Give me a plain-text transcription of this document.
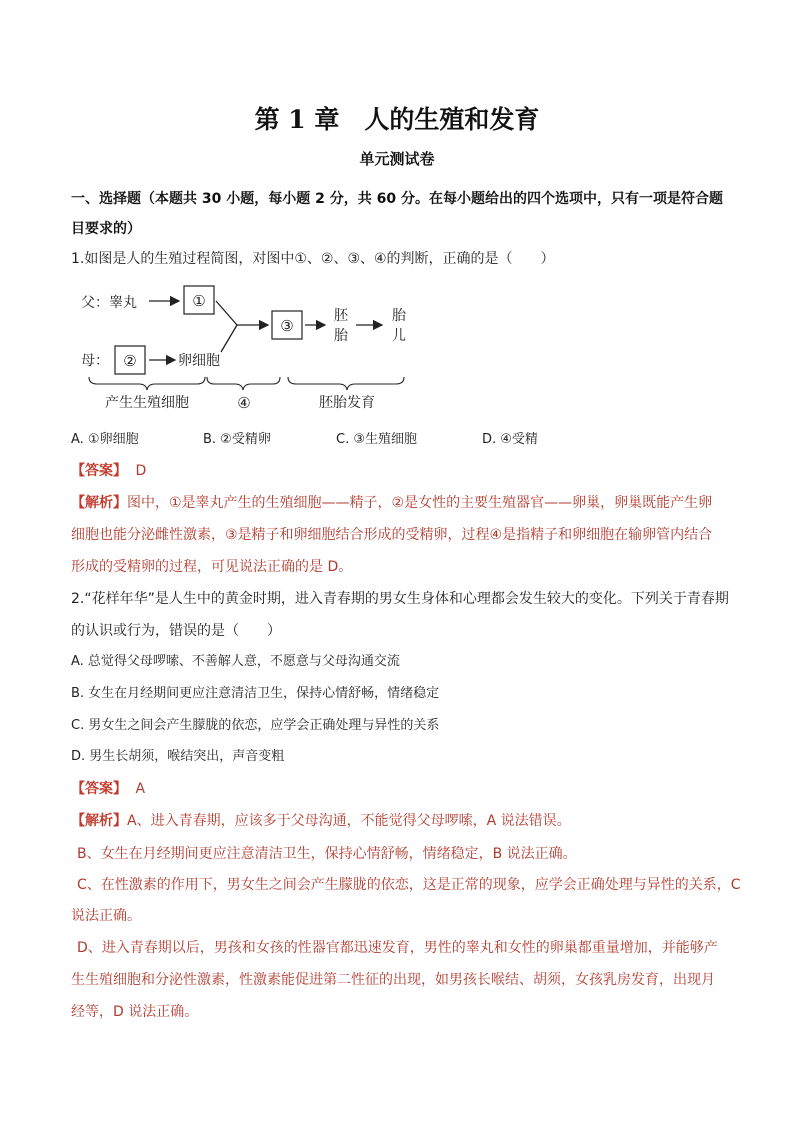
第 1 章　人的生殖和发育
单元测试卷
一、选择题（本题共 30 小题，每小题 2 分，共 60 分。在每小题给出的四个选项中，只有一项是符合题目要求的）
1.如图是人的生殖过程简图，对图中①、②、③、④的判断，正确的是（　　）
父：睾丸	①
母： ②	卵细胞
③
胚
胎
胎
儿
产生生殖细胞	④	胚胎发育
A. ①卵细胞	B. ②受精卵	C. ③生殖细胞	D. ④受精
【答案】 D
【解析】图中，①是睾丸产生的生殖细胞——精子，②是女性的主要生殖器官——卵巢，卵巢既能产生卵
细胞也能分泌雌性激素，③是精子和卵细胞结合形成的受精卵，过程④是指精子和卵细胞在输卵管内结合
形成的受精卵的过程，可见说法正确的是 D。
2.“花样年华”是人生中的黄金时期，进入青春期的男女生身体和心理都会发生较大的变化。下列关于青春期
的认识或行为，错误的是（　　）
A. 总觉得父母啰嗦、不善解人意，不愿意与父母沟通交流
B. 女生在月经期间更应注意清洁卫生，保持心情舒畅，情绪稳定
C. 男女生之间会产生朦胧的依恋，应学会正确处理与异性的关系
D. 男生长胡须，喉结突出，声音变粗
【答案】 A
【解析】A、进入青春期，应该多于父母沟通，不能觉得父母啰嗦，A 说法错误。
B、女生在月经期间更应注意清洁卫生，保持心情舒畅，情绪稳定，B 说法正确。
C、在性激素的作用下，男女生之间会产生朦胧的依恋，这是正常的现象，应学会正确处理与异性的关系，C
说法正确。
D、进入青春期以后，男孩和女孩的性器官都迅速发育，男性的睾丸和女性的卵巢都重量增加，并能够产
生生殖细胞和分泌性激素，性激素能促进第二性征的出现，如男孩长喉结、胡须，女孩乳房发育，出现月
经等，D 说法正确。
